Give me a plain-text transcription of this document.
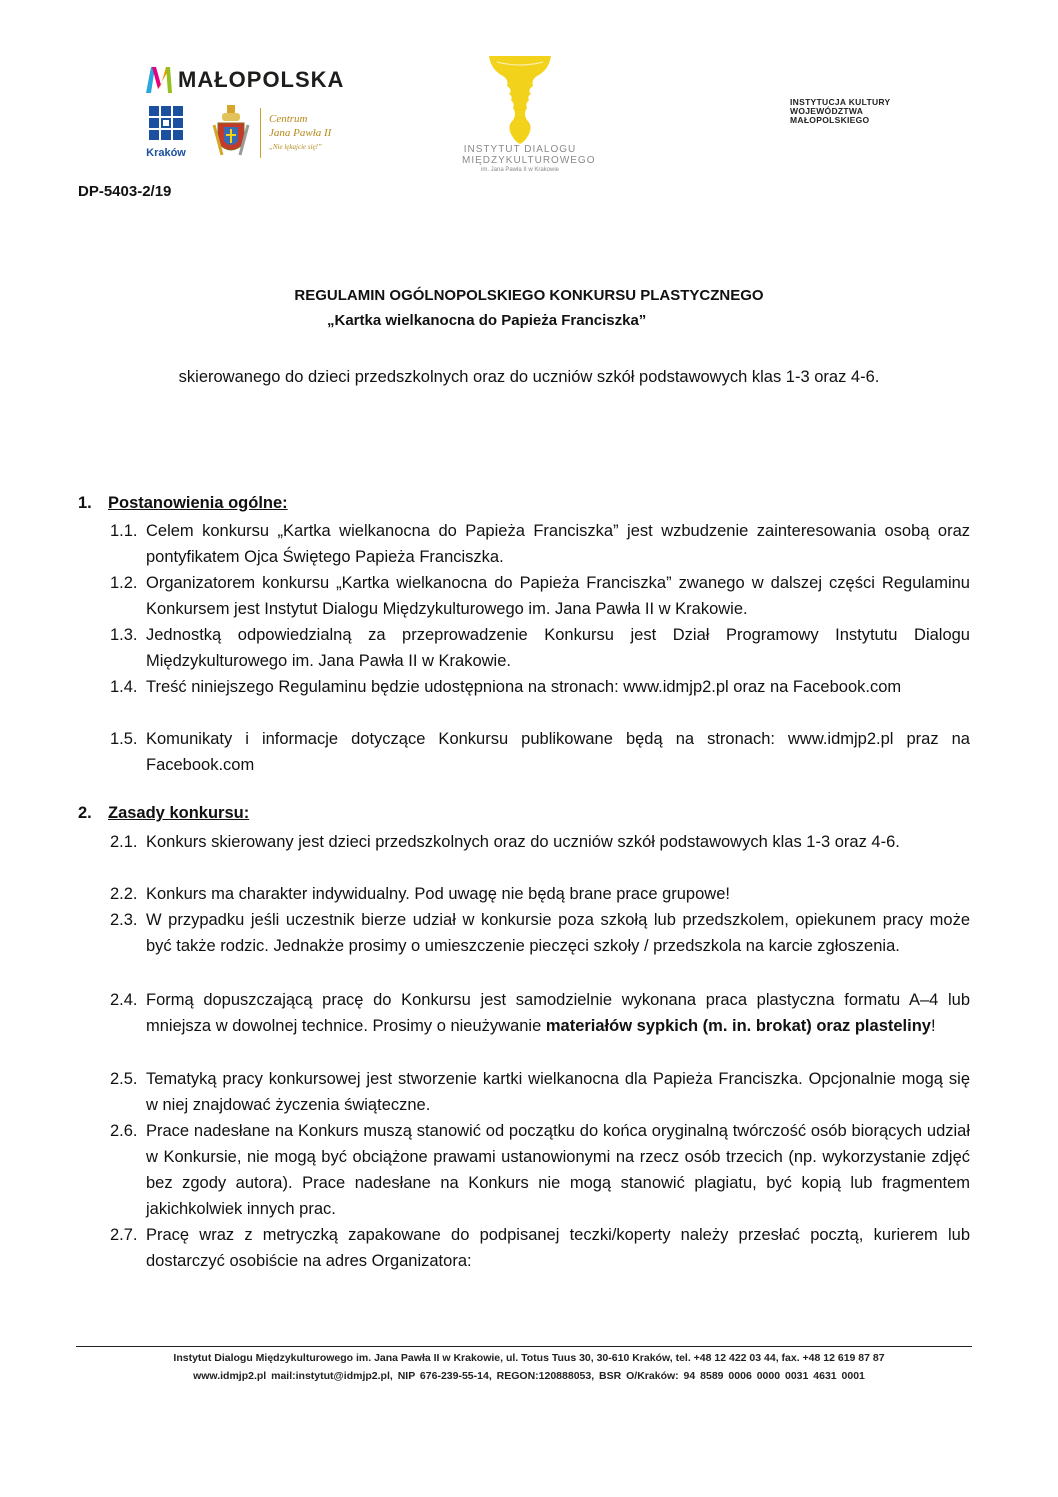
MAŁOPOLSKA
Kraków
Centrum
Jana Pawła II
„Nie lękajcie się!”	INSTYTUT DIALOGU
MIĘDZYKULTUROWEGO
im. Jana Pawła II w Krakowie
INSTYTUCJA KULTURY
WOJEWÓDZTWA
MAŁOPOLSKIEGO
DP-5403-2/19
REGULAMIN OGÓLNOPOLSKIEGO KONKURSU PLASTYCZNEGO
„Kartka wielkanocna do Papieża Franciszka”
skierowanego do dzieci przedszkolnych oraz do uczniów szkół podstawowych klas 1-3 oraz 4-6.
1. Postanowienia ogólne:
1.1. Celem konkursu „Kartka wielkanocna do Papieża Franciszka” jest wzbudzenie zainteresowania osobą oraz pontyfikatem Ojca Świętego Papieża Franciszka.
1.2. Organizatorem konkursu „Kartka wielkanocna do Papieża Franciszka” zwanego w dalszej części Regulaminu Konkursem jest Instytut Dialogu Międzykulturowego im. Jana Pawła II w Krakowie.
1.3. Jednostką odpowiedzialną za przeprowadzenie Konkursu jest Dział Programowy Instytutu Dialogu Międzykulturowego im. Jana Pawła II w Krakowie.
1.4. Treść niniejszego Regulaminu będzie udostępniona na stronach: www.idmjp2.pl oraz na Facebook.com
1.5. Komunikaty i informacje dotyczące Konkursu publikowane będą na stronach: www.idmjp2.pl praz na Facebook.com
2. Zasady konkursu:
2.1. Konkurs skierowany jest dzieci przedszkolnych oraz do uczniów szkół podstawowych klas 1-3 oraz 4-6.
2.2. Konkurs ma charakter indywidualny. Pod uwagę nie będą brane prace grupowe!
2.3. W przypadku jeśli uczestnik bierze udział w konkursie poza szkołą lub przedszkolem, opiekunem pracy może być także rodzic. Jednakże prosimy o umieszczenie pieczęci szkoły / przedszkola na karcie zgłoszenia.
2.4. Formą dopuszczającą pracę do Konkursu jest samodzielnie wykonana praca plastyczna formatu A–4 lub mniejsza w dowolnej technice. Prosimy o nieużywanie materiałów sypkich (m. in. brokat) oraz plasteliny!
2.5. Tematyką pracy konkursowej jest stworzenie kartki wielkanocna dla Papieża Franciszka. Opcjonalnie mogą się w niej znajdować życzenia świąteczne.
2.6. Prace nadesłane na Konkurs muszą stanowić od początku do końca oryginalną twórczość osób biorących udział w Konkursie, nie mogą być obciążone prawami ustanowionymi na rzecz osób trzecich (np. wykorzystanie zdjęć bez zgody autora). Prace nadesłane na Konkurs nie mogą stanowić plagiatu, być kopią lub fragmentem jakichkolwiek innych prac.
2.7. Pracę wraz z metryczką zapakowane do podpisanej teczki/koperty należy przesłać pocztą, kurierem lub dostarczyć osobiście na adres Organizatora:
Instytut Dialogu Międzykulturowego im. Jana Pawła II w Krakowie, ul. Totus Tuus 30, 30-610 Kraków, tel. +48 12 422 03 44, fax. +48 12 619 87 87
www.idmjp2.pl mail:instytut@idmjp2.pl, NIP 676-239-55-14, REGON:120888053, BSR O/Kraków: 94 8589 0006 0000 0031 4631 0001
